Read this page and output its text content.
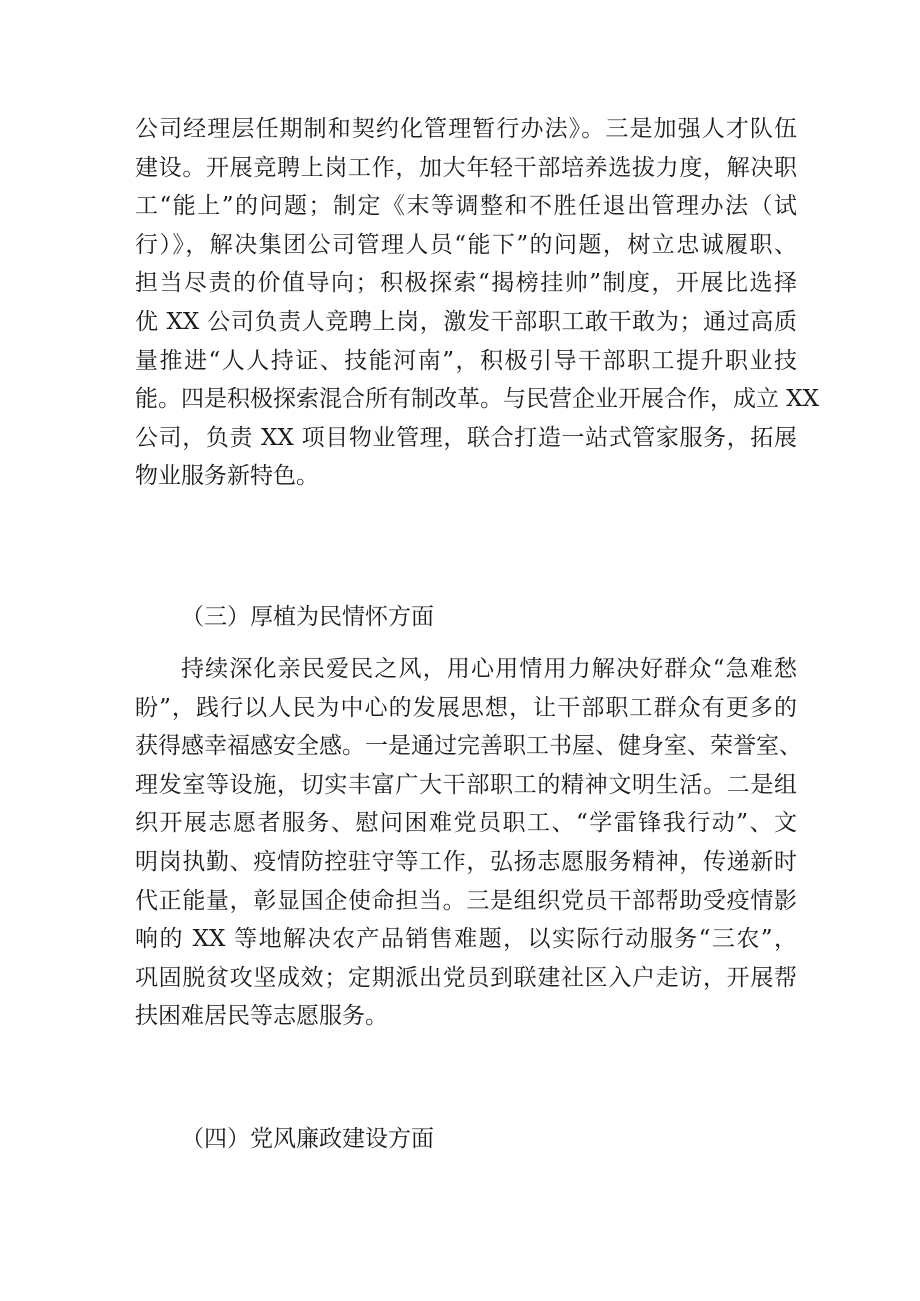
公司经理层任期制和契约化管理暂行办法》。三是加强人才队伍
建设。开展竞聘上岗工作，加大年轻干部培养选拔力度，解决职
工“能上”的问题；制定《末等调整和不胜任退出管理办法（试
行）》，解决集团公司管理人员“能下”的问题，树立忠诚履职、
担当尽责的价值导向；积极探索“揭榜挂帅”制度，开展比选择
优 XX 公司负责人竞聘上岗，激发干部职工敢干敢为；通过高质
量推进“人人持证、技能河南”，积极引导干部职工提升职业技
能。四是积极探索混合所有制改革。与民营企业开展合作，成立 XX
公司，负责 XX 项目物业管理，联合打造一站式管家服务，拓展
物业服务新特色。
（三）厚植为民情怀方面
持续深化亲民爱民之风，用心用情用力解决好群众“急难愁
盼”，践行以人民为中心的发展思想，让干部职工群众有更多的
获得感幸福感安全感。一是通过完善职工书屋、健身室、荣誉室、
理发室等设施，切实丰富广大干部职工的精神文明生活。二是组
织开展志愿者服务、慰问困难党员职工、“学雷锋我行动”、文
明岗执勤、疫情防控驻守等工作，弘扬志愿服务精神，传递新时
代正能量，彰显国企使命担当。三是组织党员干部帮助受疫情影
响的 XX 等地解决农产品销售难题，以实际行动服务“三农”，
巩固脱贫攻坚成效；定期派出党员到联建社区入户走访，开展帮
扶困难居民等志愿服务。
（四）党风廉政建设方面
